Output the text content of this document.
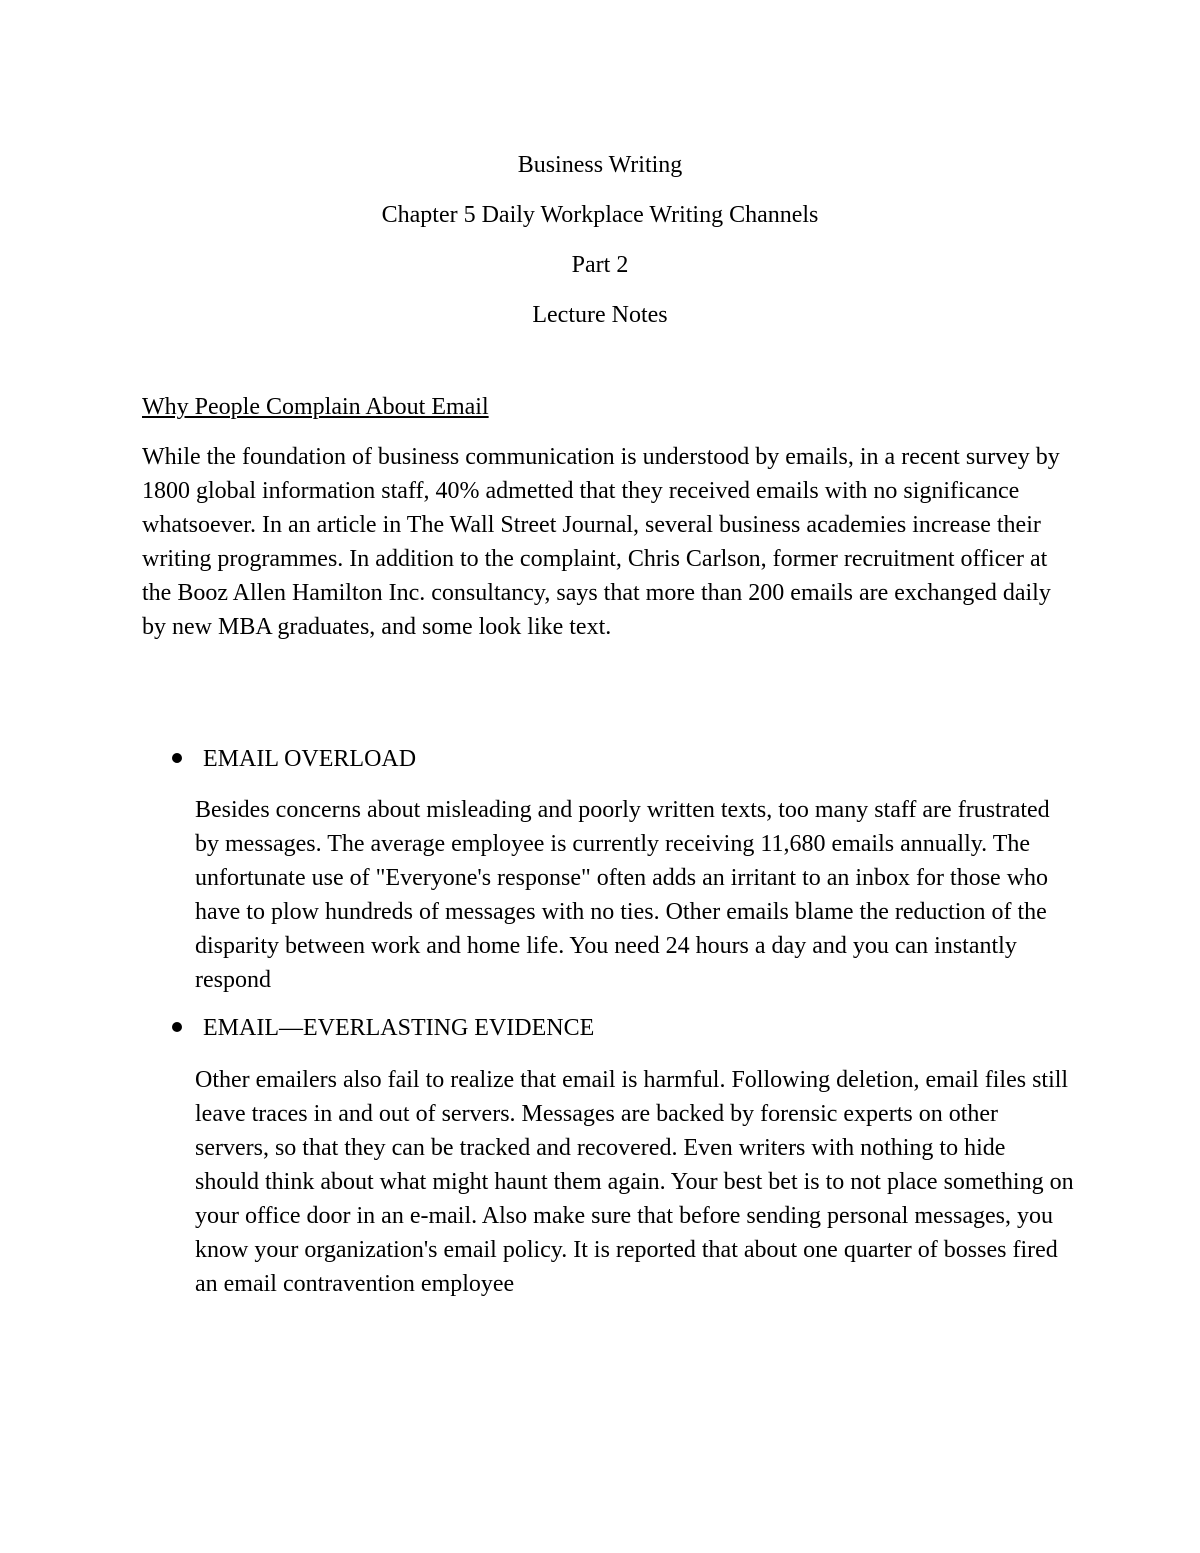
Business Writing

Chapter 5 Daily Workplace Writing Channels

Part 2

Lecture Notes

Why People Complain About Email

While the foundation of business communication is understood by emails, in a recent survey by 1800 global information staff, 40% admetted that they received emails with no significance whatsoever. In an article in The Wall Street Journal, several business academies increase their writing programmes. In addition to the complaint, Chris Carlson, former recruitment officer at the Booz Allen Hamilton Inc. consultancy, says that more than 200 emails are exchanged daily by new MBA graduates, and some look like text.

EMAIL OVERLOAD

Besides concerns about misleading and poorly written texts, too many staff are frustrated by messages. The average employee is currently receiving 11,680 emails annually. The unfortunate use of "Everyone's response" often adds an irritant to an inbox for those who have to plow hundreds of messages with no ties. Other emails blame the reduction of the disparity between work and home life. You need 24 hours a day and you can instantly respond

EMAIL—EVERLASTING EVIDENCE

Other emailers also fail to realize that email is harmful. Following deletion, email files still leave traces in and out of servers. Messages are backed by forensic experts on other servers, so that they can be tracked and recovered. Even writers with nothing to hide should think about what might haunt them again. Your best bet is to not place something on your office door in an e-mail. Also make sure that before sending personal messages, you know your organization's email policy. It is reported that about one quarter of bosses fired an email contravention employee
